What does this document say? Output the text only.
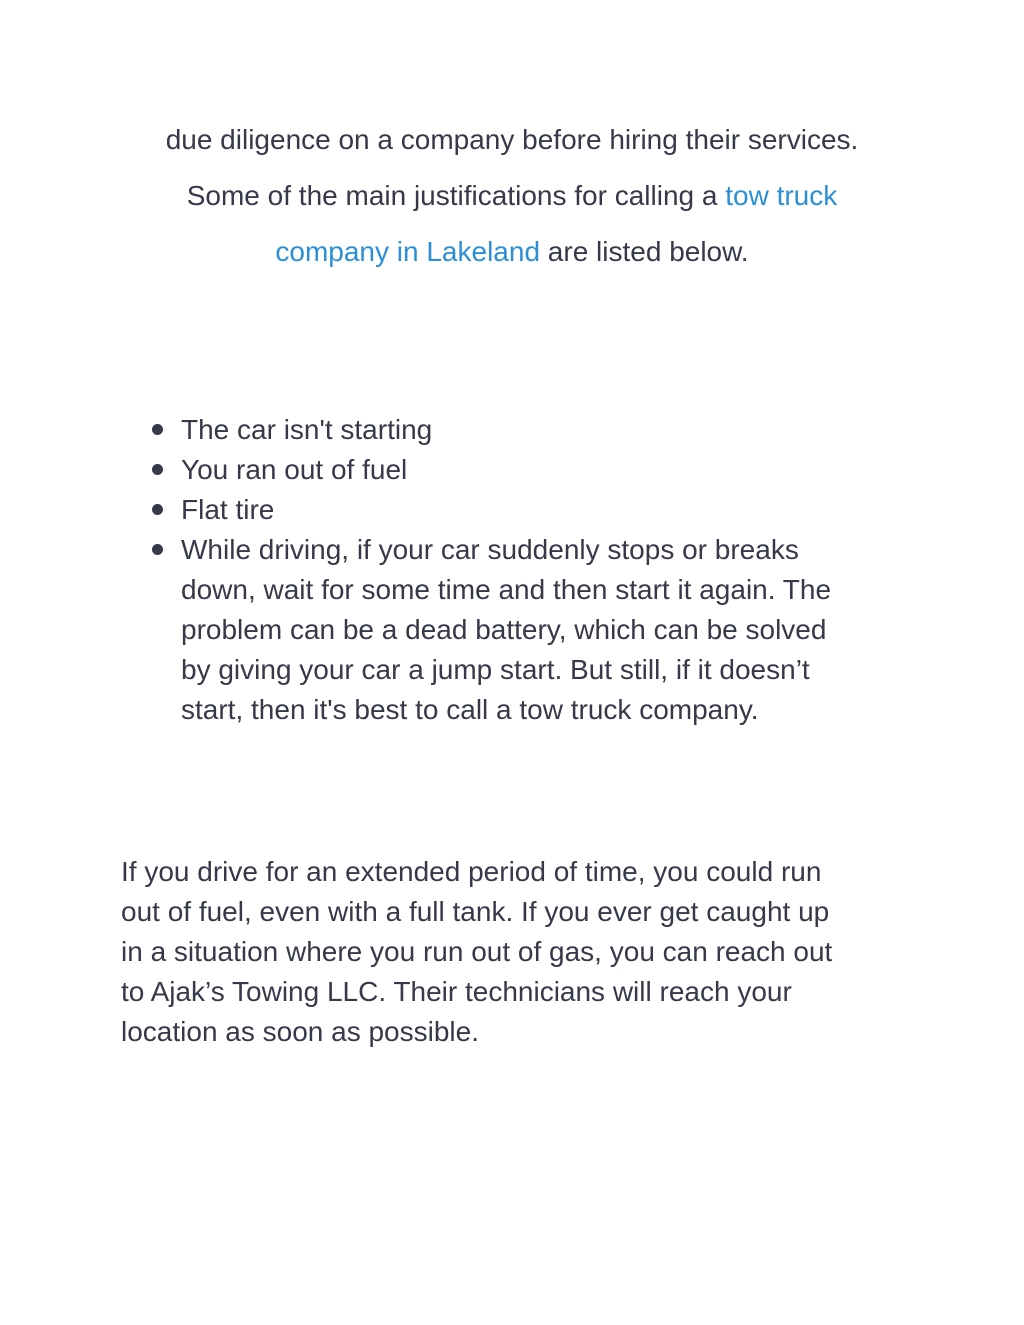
due diligence on a company before hiring their services.
Some of the main justifications for calling a tow truck
company in Lakeland are listed below.

The car isn't starting
You ran out of fuel
Flat tire
While driving, if your car suddenly stops or breaks
down, wait for some time and then start it again. The
problem can be a dead battery, which can be solved
by giving your car a jump start. But still, if it doesn’t
start, then it's best to call a tow truck company.

If you drive for an extended period of time, you could run
out of fuel, even with a full tank. If you ever get caught up
in a situation where you run out of gas, you can reach out
to Ajak’s Towing LLC. Their technicians will reach your
location as soon as possible.
